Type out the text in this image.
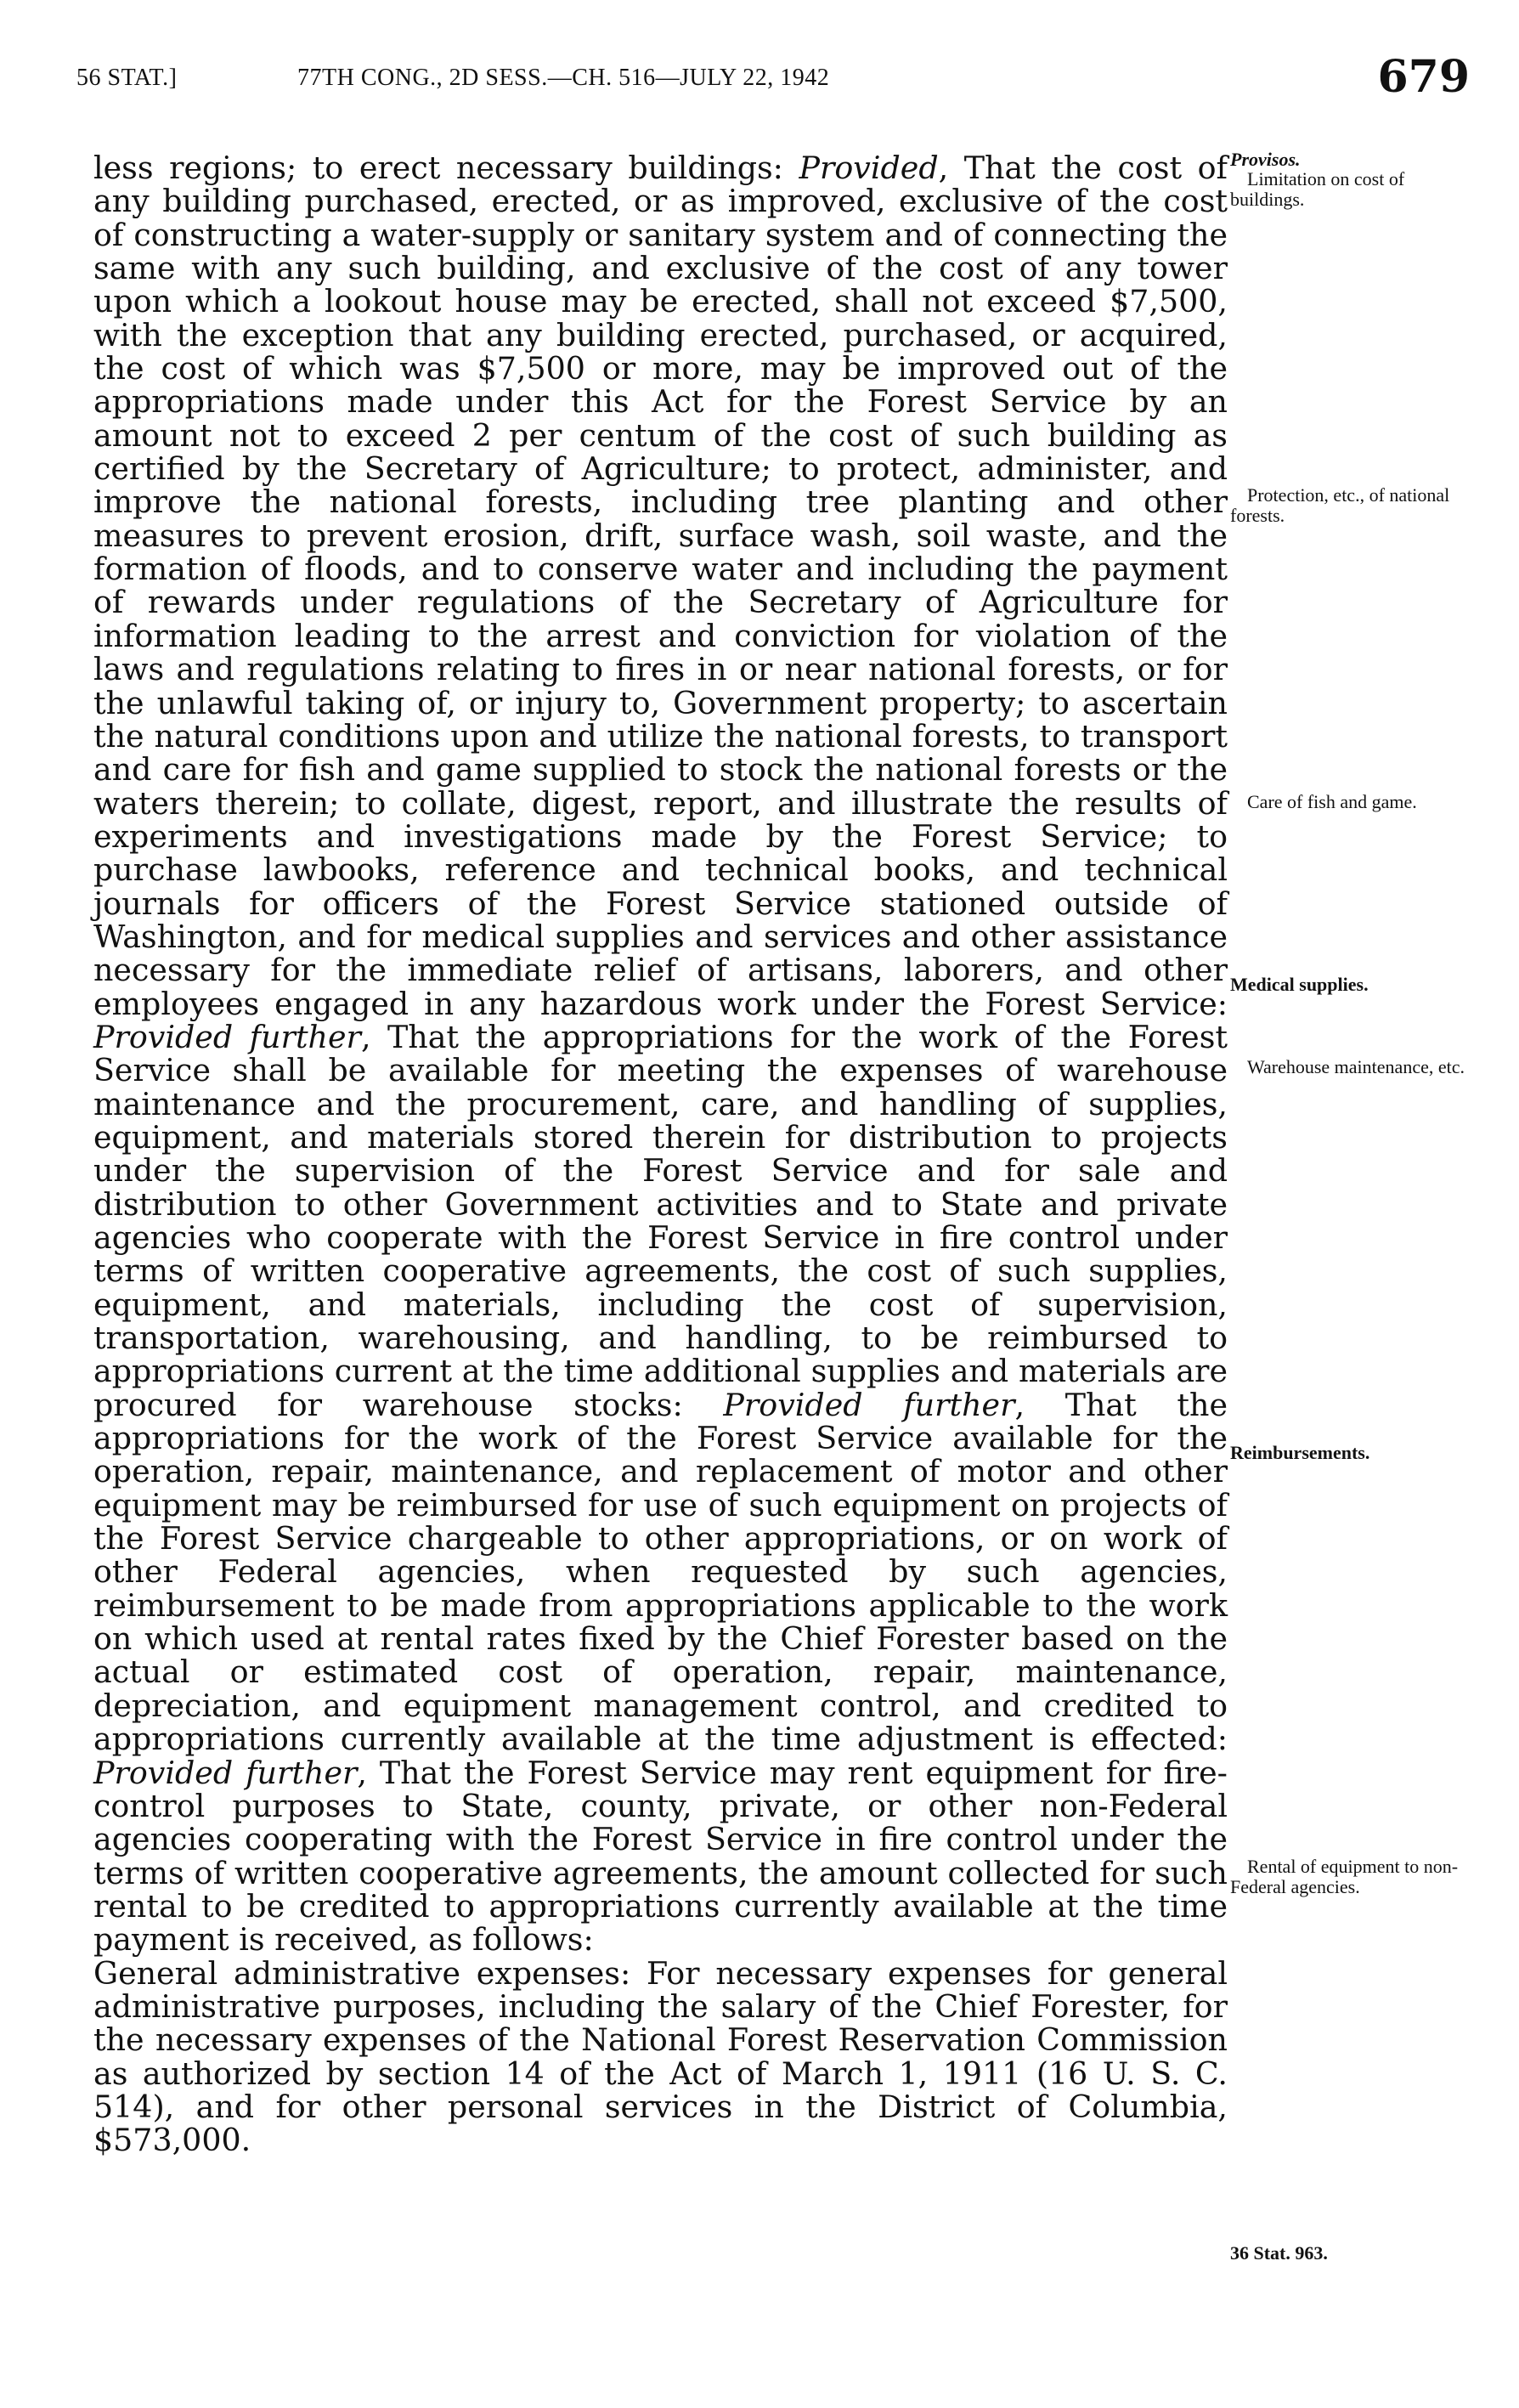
56 STAT.]	77TH CONG., 2D SESS.—CH. 516—JULY 22, 1942	679

less regions; to erect necessary buildings: Provided, That the cost of any building purchased, erected, or as improved, exclusive of the cost of constructing a water-supply or sanitary system and of connecting the same with any such building, and exclusive of the cost of any tower upon which a lookout house may be erected, shall not exceed $7,500, with the exception that any building erected, purchased, or acquired, the cost of which was $7,500 or more, may be improved out of the appropriations made under this Act for the Forest Service by an amount not to exceed 2 per centum of the cost of such building as certified by the Secretary of Agriculture; to protect, administer, and improve the national forests, including tree planting and other measures to prevent erosion, drift, surface wash, soil waste, and the formation of floods, and to conserve water and including the payment of rewards under regulations of the Secretary of Agriculture for information leading to the arrest and conviction for violation of the laws and regulations relating to fires in or near national forests, or for the unlawful taking of, or injury to, Government property; to ascertain the natural conditions upon and utilize the national forests, to transport and care for fish and game supplied to stock the national forests or the waters therein; to collate, digest, report, and illustrate the results of experiments and investigations made by the Forest Service; to purchase lawbooks, reference and technical books, and technical journals for officers of the Forest Service stationed outside of Washington, and for medical supplies and services and other assistance necessary for the immediate relief of artisans, laborers, and other employees engaged in any hazardous work under the Forest Service: Provided further, That the appropriations for the work of the Forest Service shall be available for meeting the expenses of warehouse maintenance and the procurement, care, and handling of supplies, equipment, and materials stored therein for distribution to projects under the supervision of the Forest Service and for sale and distribution to other Government activities and to State and private agencies who cooperate with the Forest Service in fire control under terms of written cooperative agreements, the cost of such supplies, equipment, and materials, including the cost of supervision, transportation, warehousing, and handling, to be reimbursed to appropriations current at the time additional supplies and materials are procured for warehouse stocks: Provided further, That the appropriations for the work of the Forest Service available for the operation, repair, maintenance, and replacement of motor and other equipment may be reimbursed for use of such equipment on projects of the Forest Service chargeable to other appropriations, or on work of other Federal agencies, when requested by such agencies, reimbursement to be made from appropriations applicable to the work on which used at rental rates fixed by the Chief Forester based on the actual or estimated cost of operation, repair, maintenance, depreciation, and equipment management control, and credited to appropriations currently available at the time adjustment is effected: Provided further, That the Forest Service may rent equipment for fire-control purposes to State, county, private, or other non-Federal agencies cooperating with the Forest Service in fire control under the terms of written cooperative agreements, the amount collected for such rental to be credited to appropriations currently available at the time payment is received, as follows:

General administrative expenses: For necessary expenses for general administrative purposes, including the salary of the Chief Forester, for the necessary expenses of the National Forest Reservation Commission as authorized by section 14 of the Act of March 1, 1911 (16 U. S. C. 514), and for other personal services in the District of Columbia, $573,000.

Provisos.
Limitation on cost of buildings.
Protection, etc., of national forests.
Care of fish and game.
Medical supplies.
Warehouse maintenance, etc.
Reimbursements.
Rental of equipment to non-Federal agencies.
36 Stat. 963.
